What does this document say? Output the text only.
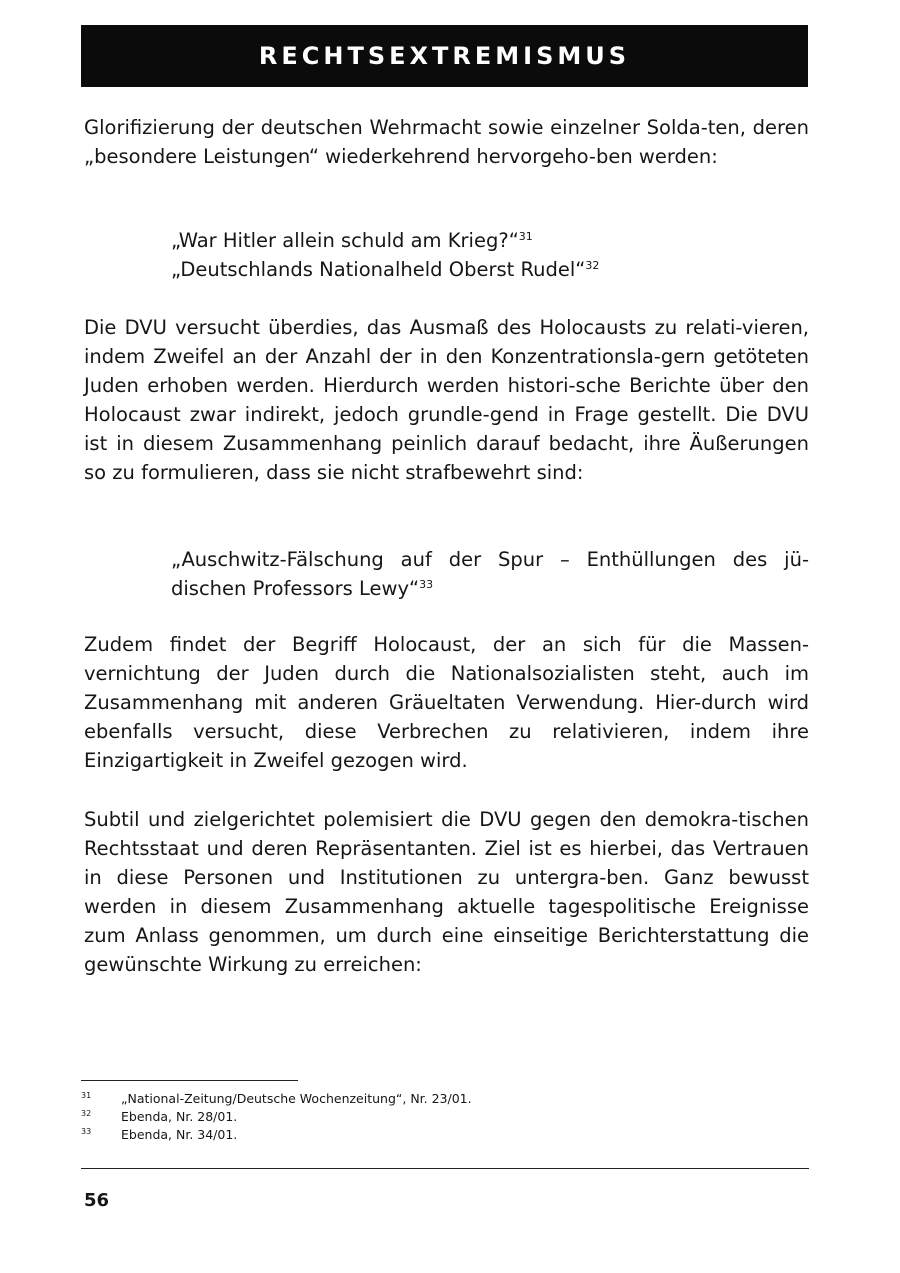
RECHTSEXTREMISMUS

Glorifizierung der deutschen Wehrmacht sowie einzelner Solda-ten, deren „besondere Leistungen“ wiederkehrend hervorgeho-ben werden:

„War Hitler allein schuld am Krieg?“$^{31}$
„Deutschlands Nationalheld Oberst Rudel“$^{32}$

Die DVU versucht überdies, das Ausmaß des Holocausts zu relati-vieren, indem Zweifel an der Anzahl der in den Konzentrationsla-gern getöteten Juden erhoben werden. Hierdurch werden histori-sche Berichte über den Holocaust zwar indirekt, jedoch grundle-gend in Frage gestellt. Die DVU ist in diesem Zusammenhang peinlich darauf bedacht, ihre Äußerungen so zu formulieren, dass sie nicht strafbewehrt sind:

„Auschwitz-Fälschung auf der Spur – Enthüllungen des jü-dischen Professors Lewy“$^{33}$

Zudem findet der Begriff Holocaust, der an sich für die Massen-vernichtung der Juden durch die Nationalsozialisten steht, auch im Zusammenhang mit anderen Gräueltaten Verwendung. Hier-durch wird ebenfalls versucht, diese Verbrechen zu relativieren, indem ihre Einzigartigkeit in Zweifel gezogen wird.

Subtil und zielgerichtet polemisiert die DVU gegen den demokra-tischen Rechtsstaat und deren Repräsentanten. Ziel ist es hierbei, das Vertrauen in diese Personen und Institutionen zu untergra-ben. Ganz bewusst werden in diesem Zusammenhang aktuelle tagespolitische Ereignisse zum Anlass genommen, um durch eine einseitige Berichterstattung die gewünschte Wirkung zu erreichen:

31	„National-Zeitung/Deutsche Wochenzeitung“, Nr. 23/01.
32	Ebenda, Nr. 28/01.
33	Ebenda, Nr. 34/01.
56
